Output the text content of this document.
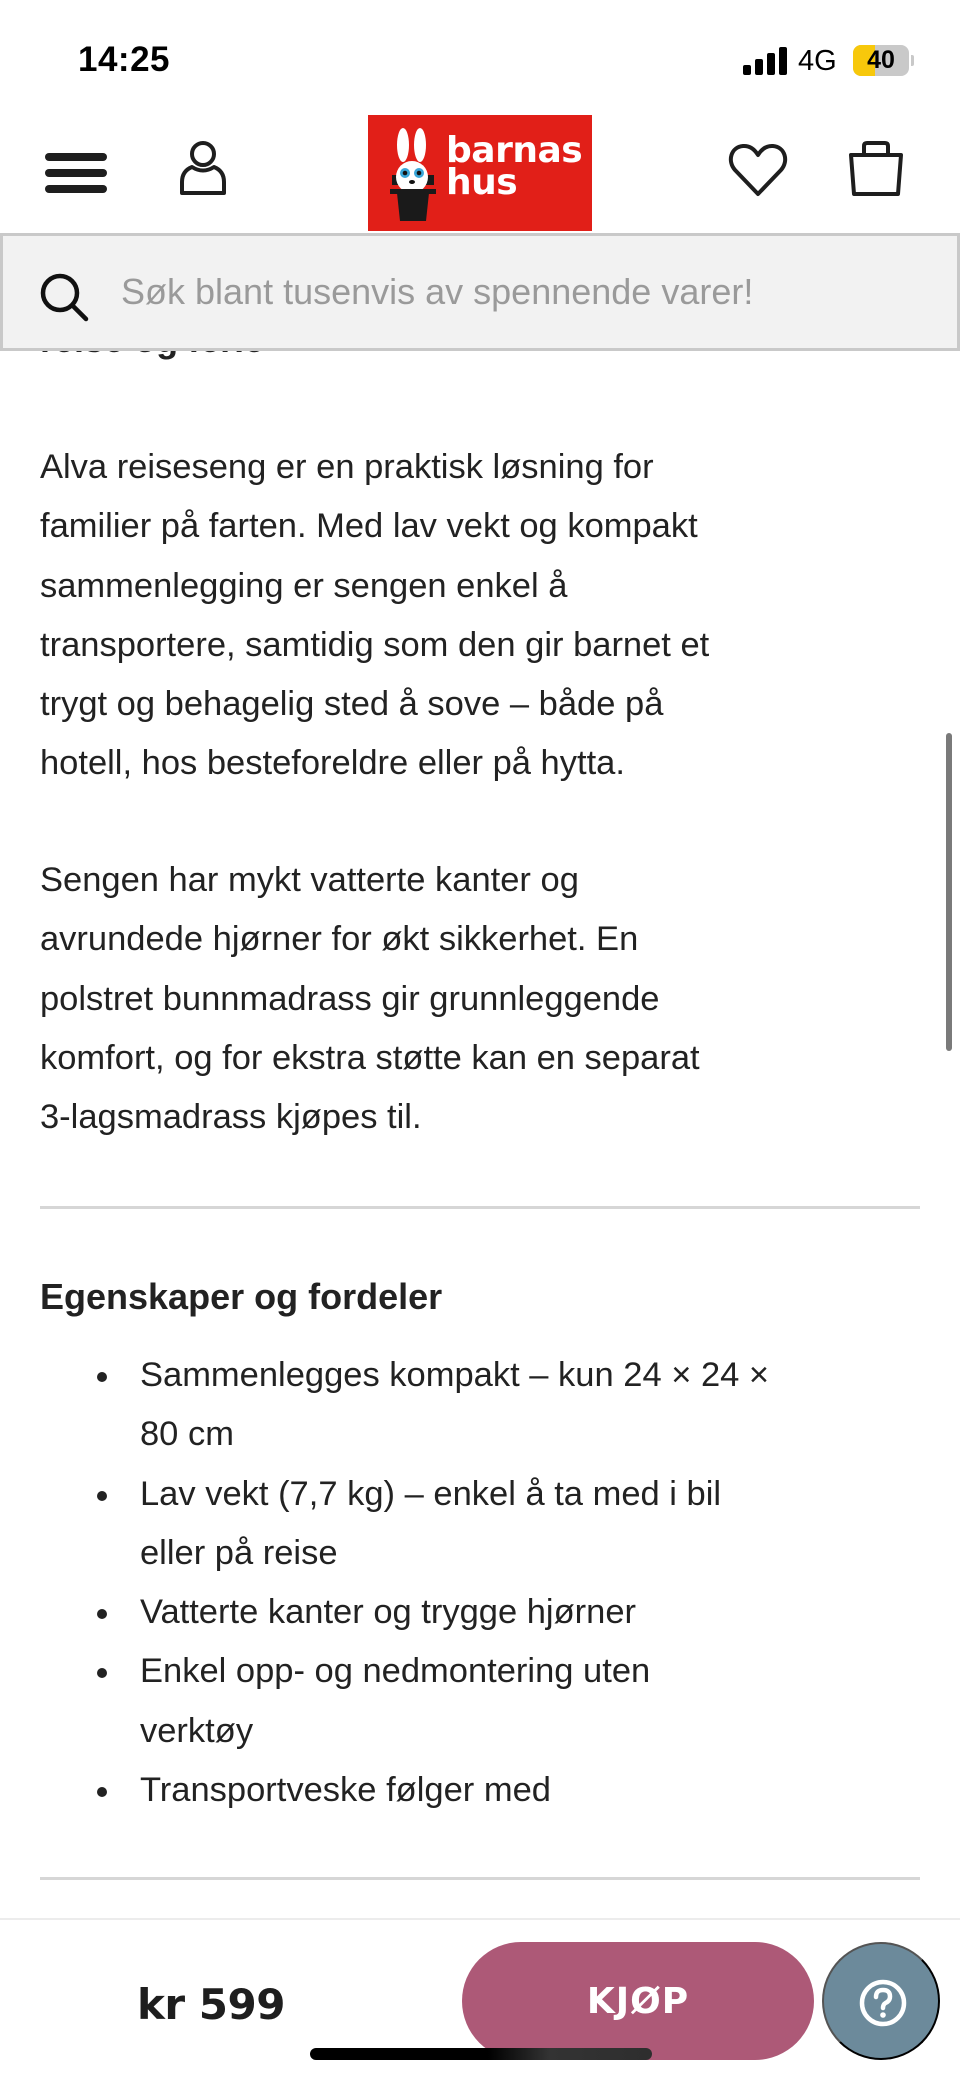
14:25	4G	40
barnas
hus
Søk blant tusenvis av spennende varer!
Alva reiseseng er en praktisk løsning for
familier på farten. Med lav vekt og kompakt
sammenlegging er sengen enkel å
transportere, samtidig som den gir barnet et
trygt og behagelig sted å sove – både på
hotell, hos besteforeldre eller på hytta.
Sengen har mykt vatterte kanter og
avrundede hjørner for økt sikkerhet. En
polstret bunnmadrass gir grunnleggende
komfort, og for ekstra støtte kan en separat
3-lagsmadrass kjøpes til.
Egenskaper og fordeler
Sammenlegges kompakt – kun 24 × 24 ×
80 cm
Lav vekt (7,7 kg) – enkel å ta med i bil
eller på reise
Vatterte kanter og trygge hjørner
Enkel opp- og nedmontering uten
verktøy
Transportveske følger med
kr 599	KJØP
